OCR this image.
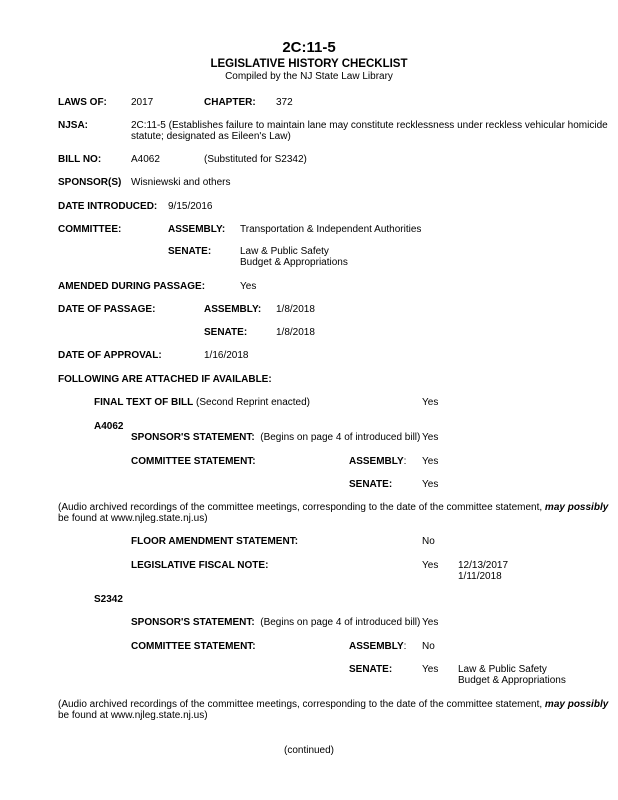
2C:11-5
LEGISLATIVE HISTORY CHECKLIST
Compiled by the NJ State Law Library
LAWS OF: 2017	CHAPTER: 372
NJSA:	2C:11-5 (Establishes failure to maintain lane may constitute recklessness under reckless vehicular homicide
statute; designated as Eileen's Law)
BILL NO:	A4062	(Substituted for S2342)
SPONSOR(S) Wisniewski and others
DATE INTRODUCED: 9/15/2016
COMMITTEE:	ASSEMBLY: Transportation & Independent Authorities
SENATE:	Law & Public Safety
Budget & Appropriations
AMENDED DURING PASSAGE:	Yes
DATE OF PASSAGE:	ASSEMBLY: 1/8/2018
SENATE:	1/8/2018
DATE OF APPROVAL:	1/16/2018
FOLLOWING ARE ATTACHED IF AVAILABLE:
FINAL TEXT OF BILL (Second Reprint enacted)	Yes
A4062
SPONSOR'S STATEMENT: (Begins on page 4 of introduced bill) Yes
COMMITTEE STATEMENT:	ASSEMBLY: Yes
SENATE:	Yes
(Audio archived recordings of the committee meetings, corresponding to the date of the committee statement, may possibly
be found at www.njleg.state.nj.us)
FLOOR AMENDMENT STATEMENT:	No
LEGISLATIVE FISCAL NOTE:	Yes 12/13/2017
1/11/2018
S2342
SPONSOR'S STATEMENT: (Begins on page 4 of introduced bill) Yes
COMMITTEE STATEMENT:	ASSEMBLY: No
SENATE:	Yes Law & Public Safety
Budget & Appropriations
(Audio archived recordings of the committee meetings, corresponding to the date of the committee statement, may possibly
be found at www.njleg.state.nj.us)
(continued)
